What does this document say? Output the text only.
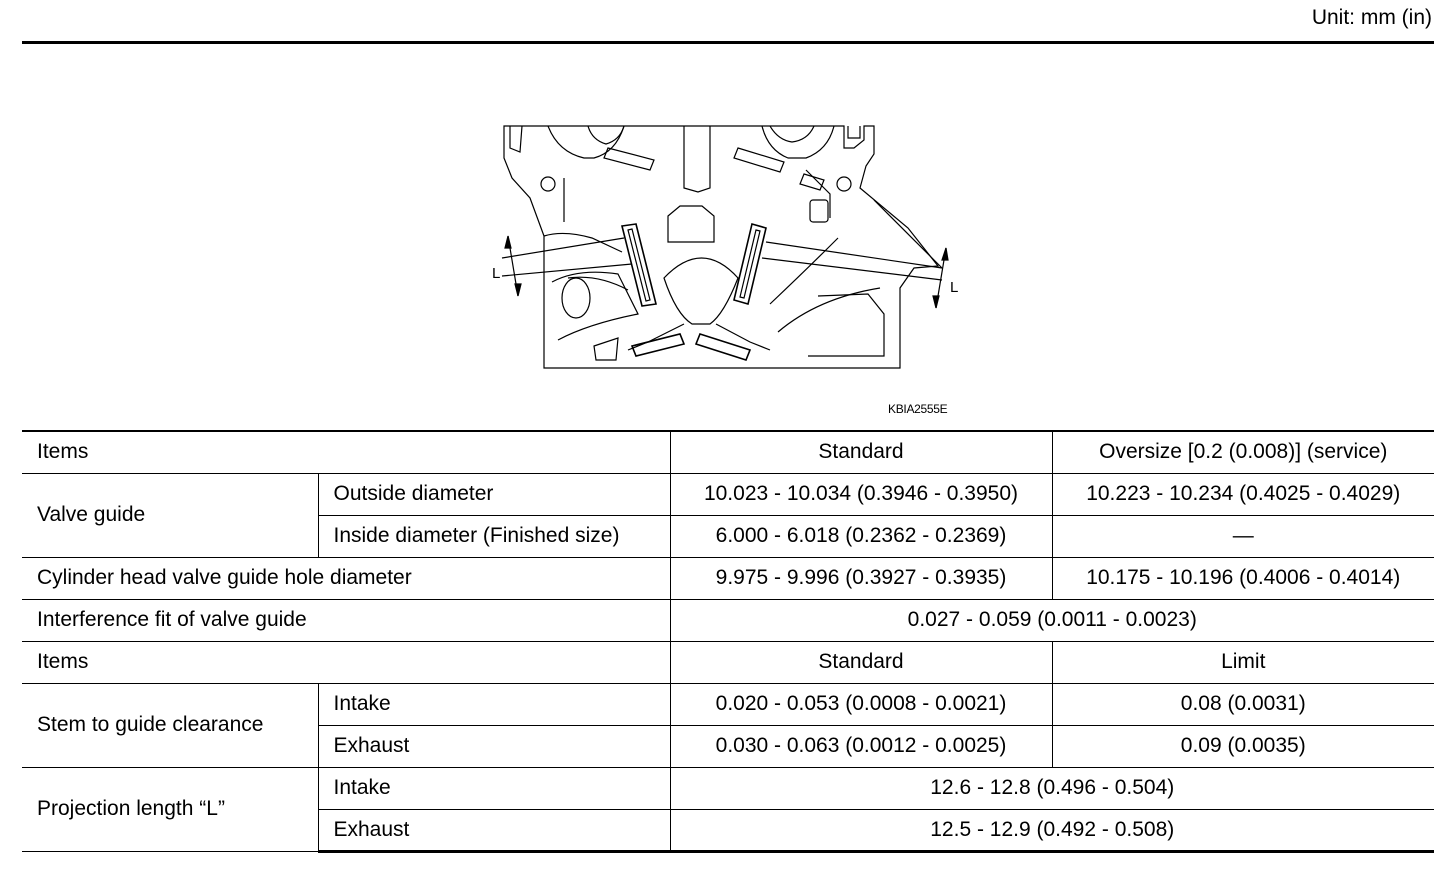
Unit: mm (in)
L
L
KBIA2555E
Items		Standard	Oversize [0.2 (0.008)] (service)
Valve guide	Outside diameter	10.023 - 10.034 (0.3946 - 0.3950)	10.223 - 10.234 (0.4025 - 0.4029)
	Inside diameter (Finished size)	6.000 - 6.018 (0.2362 - 0.2369)	—
Cylinder head valve guide hole diameter		9.975 - 9.996 (0.3927 - 0.3935)	10.175 - 10.196 (0.4006 - 0.4014)
Interference fit of valve guide		0.027 - 0.059 (0.0011 - 0.0023)	
Items		Standard	Limit
Stem to guide clearance	Intake	0.020 - 0.053 (0.0008 - 0.0021)	0.08 (0.0031)
	Exhaust	0.030 - 0.063 (0.0012 - 0.0025)	0.09 (0.0035)
Projection length “L”	Intake	12.6 - 12.8 (0.496 - 0.504)	
	Exhaust	12.5 - 12.9 (0.492 - 0.508)	
